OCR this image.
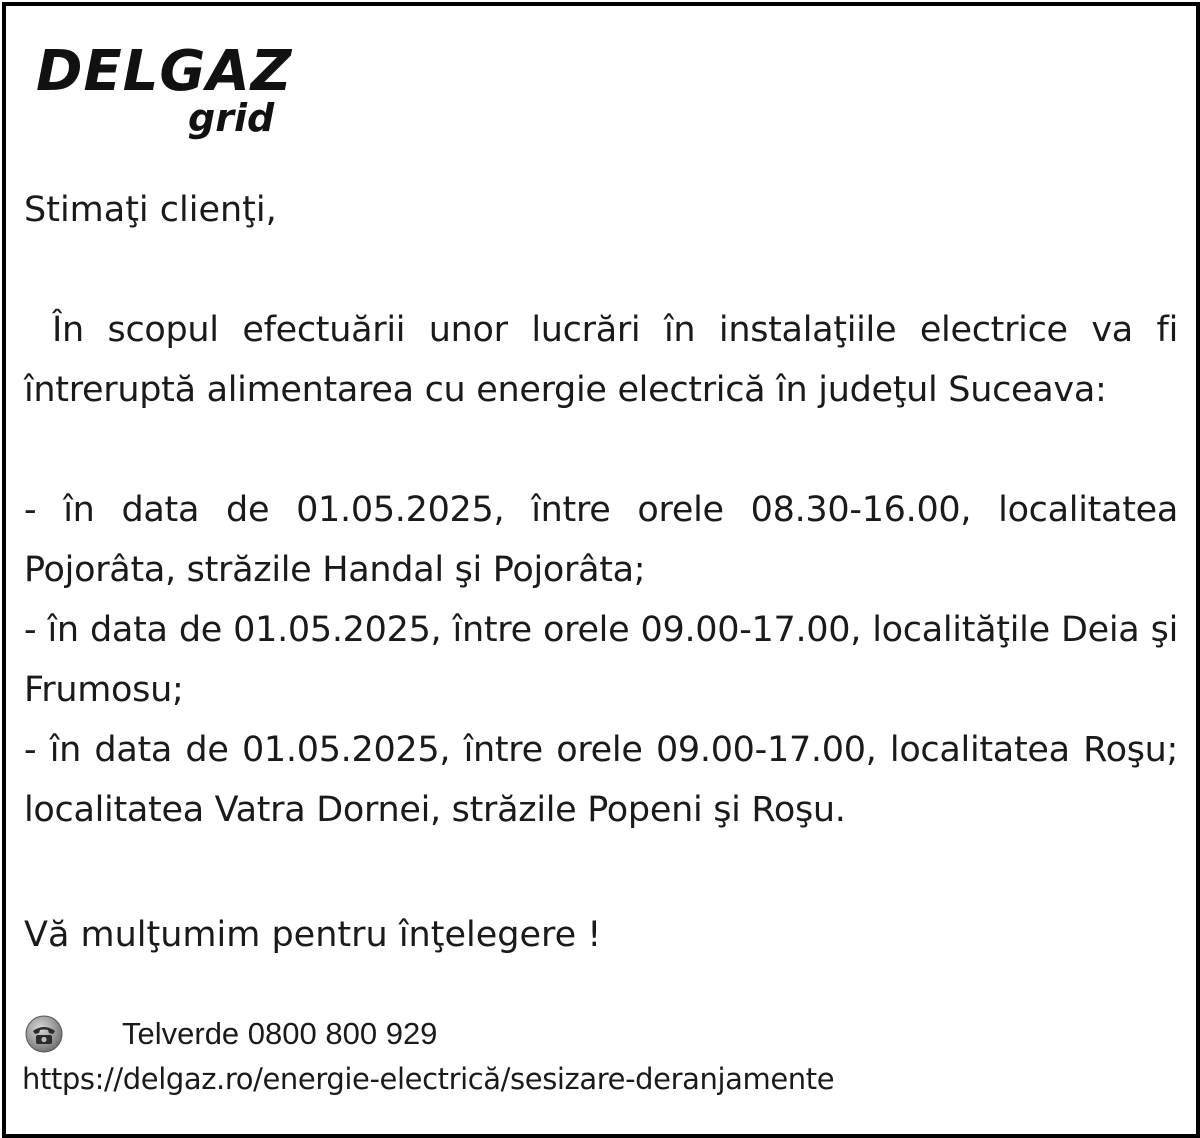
DELGAZ
grid

Stimaţi clienţi,

În scopul efectuării unor lucrări în instalaţiile electrice va fi întreruptă alimentarea cu energie electrică în judeţul Suceava:

- în data de 01.05.2025, între orele 08.30-16.00, localitatea Pojorâta, străzile Handal şi Pojorâta;
- în data de 01.05.2025, între orele 09.00-17.00, localităţile Deia şi Frumosu;
- în data de 01.05.2025, între orele 09.00-17.00, localitatea Roşu; localitatea Vatra Dornei, străzile Popeni şi Roşu.

Vă mulţumim pentru înţelegere !

Telverde 0800 800 929
https://delgaz.ro/energie-electrică/sesizare-deranjamente
